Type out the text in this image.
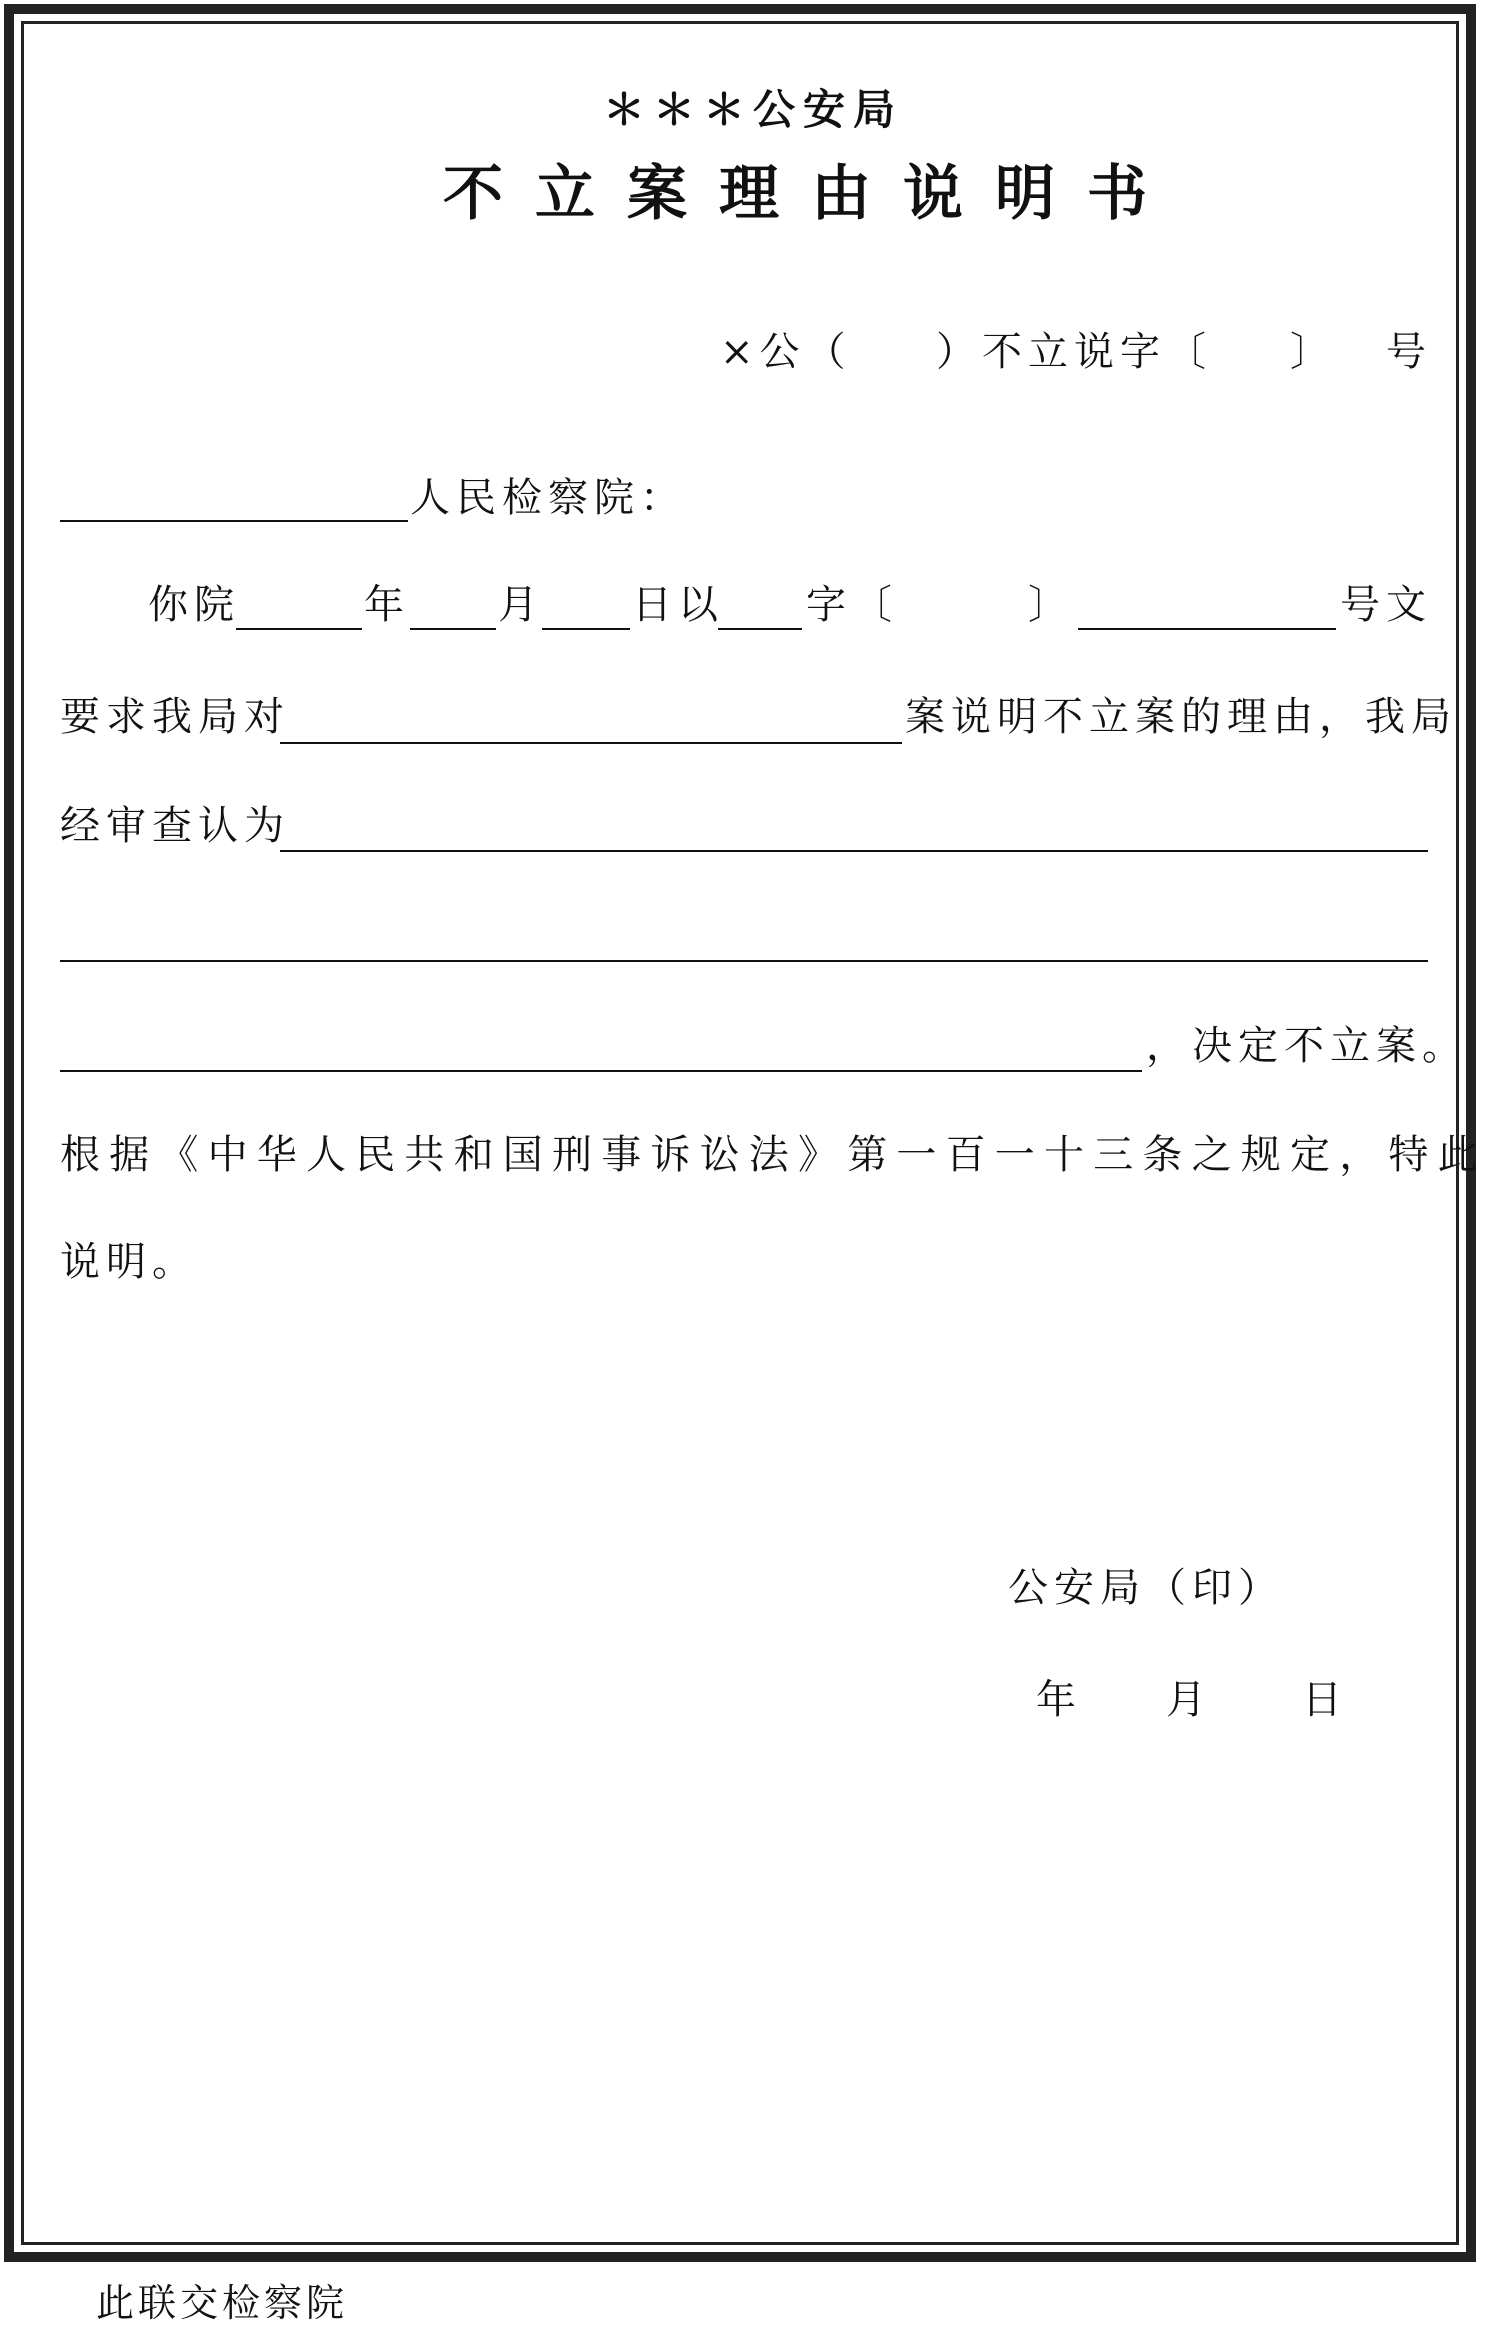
＊＊＊公安局
不立案理由说明书
×公（ ）不立说字〔 〕 号
人民检察院：
你院	年 月 日以 字〔	〕	号文
要求我局对	案说明不立案的理由，我局
经审查认为
，决定不立案。
根据《中华人民共和国刑事诉讼法》第一百一十三条之规定，特此
说明。
公安局（印）
年 月 日
此联交检察院
